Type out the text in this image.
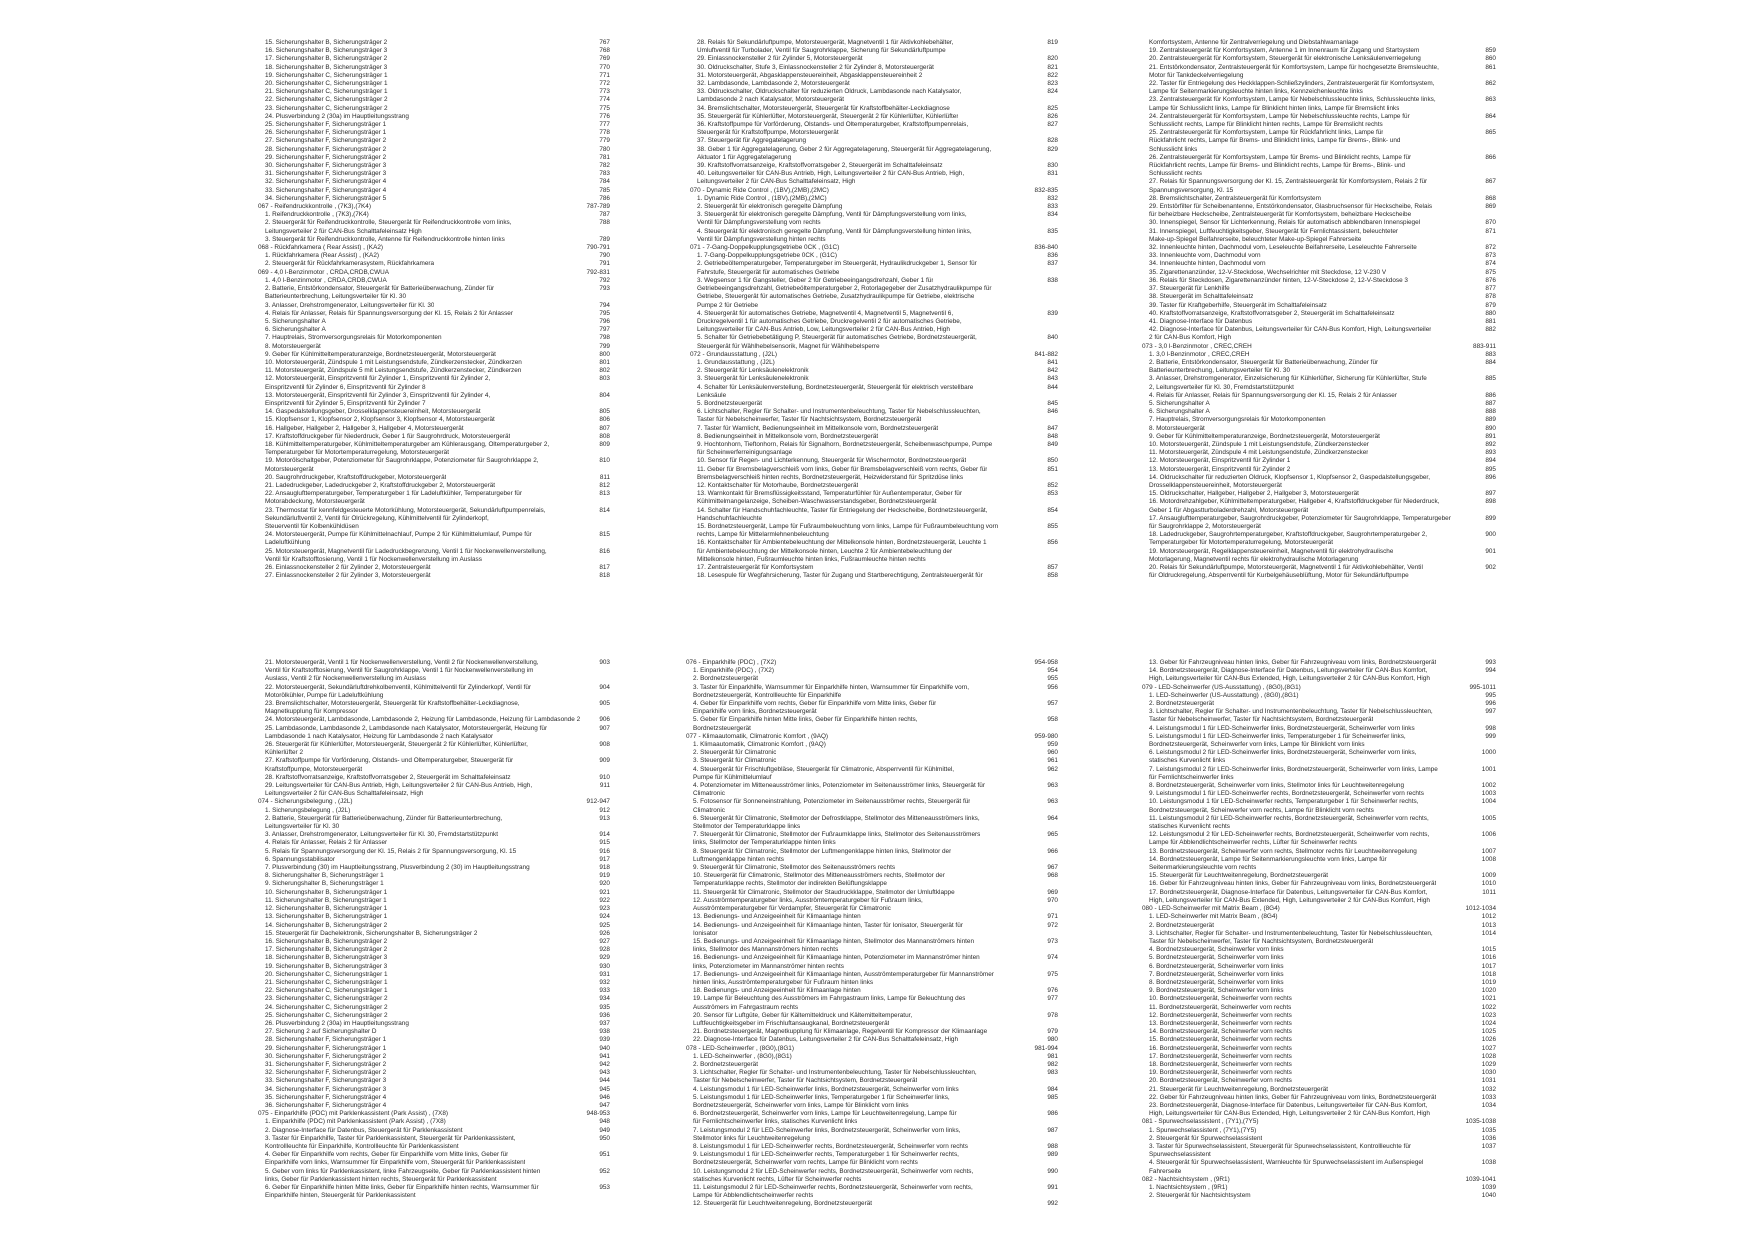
15. Sicherungshalter B, Sicherungsträger 2	767
16. Sicherungshalter B, Sicherungsträger 3	768
17. Sicherungshalter B, Sicherungsträger 2	769
18. Sicherungshalter B, Sicherungsträger 3	770
19. Sicherungshalter C, Sicherungsträger 1	771
20. Sicherungshalter C, Sicherungsträger 1	772
21. Sicherungshalter C, Sicherungsträger 1	773
22. Sicherungshalter C, Sicherungsträger 2	774
23. Sicherungshalter C, Sicherungsträger 2	775
24. Plusverbindung 2 (30a) im Hauptleitungsstrang	776
25. Sicherungshalter F, Sicherungsträger 1	777
26. Sicherungshalter F, Sicherungsträger 1	778
27. Sicherungshalter F, Sicherungsträger 2	779
28. Sicherungshalter F, Sicherungsträger 2	780
29. Sicherungshalter F, Sicherungsträger 2	781
30. Sicherungshalter F, Sicherungsträger 3	782
31. Sicherungshalter F, Sicherungsträger 3	783
32. Sicherungshalter F, Sicherungsträger 4	784
33. Sicherungshalter F, Sicherungsträger 4	785
34. Sicherungshalter F, Sicherungsträger 5	786
067 - Reifendruckkontrolle , (7K3),(7K4)	787-789
1. Reifendruckkontrolle , (7K3),(7K4)	787
2. Steuergerät für Reifendruckkontrolle, Steuergerät für Reifendruckkontrolle vorn links,	788
Leitungsverteiler 2 für CAN-Bus Schalttafeleinsatz High
3. Steuergerät für Reifendruckkontrolle, Antenne für Reifendruckkontrolle hinten links	789
068 - Rückfahrkamera ( Rear Assist) , (KA2)	790-791
1. Rückfahrkamera (Rear Assist) , (KA2)	790
2. Steuergerät für Rückfahrkamerasystem, Rückfahrkamera	791
069 - 4,0 l-Benzinmotor , CRDA,CRDB,CWUA	792-831
1. 4,0 l-Benzinmotor , CRDA,CRDB,CWUA	792
2. Batterie, Entstörkondensator, Steuergerät für Batterieüberwachung, Zünder für	793
Batterieunterbrechung, Leitungsverteiler für Kl. 30
3. Anlasser, Drehstromgenerator, Leitungsverteiler für Kl. 30	794
4. Relais für Anlasser, Relais für Spannungsversorgung der Kl. 15, Relais 2 für Anlasser	795
5. Sicherungshalter A	796
6. Sicherungshalter A	797
7. Hauptrelais, Stromversorgungsrelais für Motorkomponenten	798
8. Motorsteuergerät	799
9. Geber für Kühlmitteltemperaturanzeige, Bordnetzsteuergerät, Motorsteuergerät	800
10. Motorsteuergerät, Zündspule 1 mit Leistungsendstufe, Zündkerzenstecker, Zündkerzen	801
11. Motorsteuergerät, Zündspule 5 mit Leistungsendstufe, Zündkerzenstecker, Zündkerzen	802
12. Motorsteuergerät, Einspritzventil für Zylinder 1, Einspritzventil für Zylinder 2,	803
Einspritzventil für Zylinder 6, Einspritzventil für Zylinder 8
13. Motorsteuergerät, Einspritzventil für Zylinder 3, Einspritzventil für Zylinder 4,	804
Einspritzventil für Zylinder 5, Einspritzventil für Zylinder 7
14. Gaspedalstellungsgeber, Drosselklappensteuereinheit, Motorsteuergerät	805
15. Klopfsensor 1, Klopfsensor 2, Klopfsensor 3, Klopfsensor 4, Motorsteuergerät	806
16. Hallgeber, Hallgeber 2, Hallgeber 3, Hallgeber 4, Motorsteuergerät	807
17. Kraftstoffdruckgeber für Niederdruck, Geber 1 für Saugrohrdruck, Motorsteuergerät	808
18. Kühlmitteltemperaturgeber, Kühlmitteltemperaturgeber am Kühlerausgang, Öltemperaturgeber 2,	809
Temperaturgeber für Motortemperaturregelung, Motorsteuergerät
19. Motorölschaltgeber, Potenziometer für Saugrohrklappe, Potenziometer für Saugrohrklappe 2,	810
Motorsteuergerät
20. Saugrohrdruckgeber, Kraftstoffdruckgeber, Motorsteuergerät	811
21. Ladedruckgeber, Ladedruckgeber 2, Kraftstoffdruckgeber 2, Motorsteuergerät	812
22. Ansauglufttemperaturgeber, Temperaturgeber 1 für Ladeluftkühler, Temperaturgeber für	813
Motorabdeckung, Motorsteuergerät
23. Thermostat für kennfeldgesteuerte Motorkühlung, Motorsteuergerät, Sekundärluftpumpenrelais,	814
Sekundärluftventil 2, Ventil für Ölrückregelung, Kühlmittelventil für Zylinderkopf,
Steuerventil für Kolbenkühldüsen
24. Motorsteuergerät, Pumpe für Kühlmittelnachlauf, Pumpe 2 für Kühlmittelumlauf, Pumpe für	815
Ladeluftkühlung
25. Motorsteuergerät, Magnetventil für Ladedruckbegrenzung, Ventil 1 für Nockenwellenverstellung,	816
Ventil für Kraftstofftosierung, Ventil 1 für Nockenwellenverstellung im Auslass
26. Einlassnockensteller 2 für Zylinder 2, Motorsteuergerät	817
27. Einlassnockensteller 2 für Zylinder 3, Motorsteuergerät	818
28. Relais für Sekundärluftpumpe, Motorsteuergerät, Magnetventil 1 für Aktivkohlebehälter,	819
Umluftventil für Turbolader, Ventil für Saugrohrklappe, Sicherung für Sekundärluftpumpe
29. Einlassnockensteller 2 für Zylinder 5, Motorsteuergerät	820
30. Öldruckschalter, Stufe 3, Einlassnockensteller 2 für Zylinder 8, Motorsteuergerät	821
31. Motorsteuergerät, Abgasklappensteuereinheit, Abgasklappensteuereinheit 2	822
32. Lambdasonde, Lambdasonde 2, Motorsteuergerät	823
33. Öldruckschalter, Öldruckschalter für reduzierten Öldruck, Lambdasonde nach Katalysator,	824
Lambdasonde 2 nach Katalysator, Motorsteuergerät
34. Bremslichtschalter, Motorsteuergerät, Steuergerät für Kraftstoffbehälter-Leckdiagnose	825
35. Steuergerät für Kühlerlüfter, Motorsteuergerät, Steuergerät 2 für Kühlerlüfter, Kühlerlüfter	826
36. Kraftstoffpumpe für Vorförderung, Ölstands- und Öltemperaturgeber, Kraftstoffpumpenrelais,	827
Steuergerät für Kraftstoffpumpe, Motorsteuergerät
37. Steuergerät für Aggregatelagerung	828
38. Geber 1 für Aggregatelagerung, Geber 2 für Aggregatelagerung, Steuergerät für Aggregatelagerung,	829
Aktuator 1 für Aggregatelagerung
39. Kraftstoffvorratsanzeige, Kraftstoffvorratsgeber 2, Steuergerät im Schalttafeleinsatz	830
40. Leitungsverteiler für CAN-Bus Antrieb, High, Leitungsverteiler 2 für CAN-Bus Antrieb, High,	831
Leitungsverteiler 2 für CAN-Bus Schalttafeleinsatz, High
070 - Dynamic Ride Control , (1BV),(2MB),(2MC)	832-835
1. Dynamic Ride Control , (1BV),(2MB),(2MC)	832
2. Steuergerät für elektronisch geregelte Dämpfung	833
3. Steuergerät für elektronisch geregelte Dämpfung, Ventil für Dämpfungsverstellung vorn links,	834
Ventil für Dämpfungsverstellung vorn rechts
4. Steuergerät für elektronisch geregelte Dämpfung, Ventil für Dämpfungsverstellung hinten links,	835
Ventil für Dämpfungsverstellung hinten rechts
071 - 7-Gang-Doppelkupplungsgetriebe 0CK , (G1C)	836-840
1. 7-Gang-Doppelkupplungsgetriebe 0CK , (G1C)	836
2. Getriebeöltemperaturgeber, Temperaturgeber im Steuergerät, Hydraulikdruckgeber 1, Sensor für	837
Fahrstufe, Steuergerät für automatisches Getriebe
3. Wegsensor 1 für Gangsteller, Geber 2 für Getriebeeingangsdrehzahl, Geber 1 für	838
Getriebeeingangsdrehzahl, Getriebeöltemperaturgeber 2, Rotorlagegeber der Zusatzhydraulikpumpe für
Getriebe, Steuergerät für automatisches Getriebe, Zusatzhydraulikpumpe für Getriebe, elektrische
Pumpe 2 für Getriebe
4. Steuergerät für automatisches Getriebe, Magnetventil 4, Magnetventil 5, Magnetventil 6,	839
Druckregelventil 1 für automatisches Getriebe, Druckregelventil 2 für automatisches Getriebe,
Leitungsverteiler für CAN-Bus Antrieb, Low, Leitungsverteiler 2 für CAN-Bus Antrieb, High
5. Schalter für Getriebebetätigung P, Steuergerät für automatisches Getriebe, Bordnetzsteuergerät,	840
Steuergerät für Wählhebelsensorik, Magnet für Wählhebelsperre
072 - Grundausstattung , (J2L)	841-882
1. Grundausstattung , (J2L)	841
2. Steuergerät für Lenksäulenelektronik	842
3. Steuergerät für Lenksäulenelektronik	843
4. Schalter für Lenksäulenverstellung, Bordnetzsteuergerät, Steuergerät für elektrisch verstellbare	844
Lenksäule
5. Bordnetzsteuergerät	845
6. Lichtschalter, Regler für Schalter- und Instrumentenbeleuchtung, Taster für Nebelschlussleuchten,	846
Taster für Nebelscheinwerfer, Taster für Nachtsichtsystem, Bordnetzsteuergerät
7. Taster für Warnlicht, Bedienungseinheit im Mittelkonsole vorn, Bordnetzsteuergerät	847
8. Bedienungseinheit in Mittelkonsole vorn, Bordnetzsteuergerät	848
9. Hochtonhorn, Tieftonhorn, Relais für Signalhorn, Bordnetzsteuergerät, Scheibenwaschpumpe, Pumpe	849
für Scheinwerferreinigungsanlage
10. Sensor für Regen- und Lichterkennung, Steuergerät für Wischermotor, Bordnetzsteuergerät	850
11. Geber für Bremsbelagverschleiß vorn links, Geber für Bremsbelagverschleiß vorn rechts, Geber für	851
Bremsbelagverschleiß hinten rechts, Bordnetzsteuergerät, Heizwiderstand für Spritzdüse links
12. Kontaktschalter für Motorhaube, Bordnetzsteuergerät	852
13. Warnkontakt für Bremsflüssigkeitsstand, Temperaturfühler für Außentemperatur, Geber für	853
Kühlmittelmangelanzeige, Scheiben-Waschwasserstandsgeber, Bordnetzsteuergerät
14. Schalter für Handschuhfachleuchte, Taster für Entriegelung der Heckscheibe, Bordnetzsteuergerät,	854
Handschuhfachleuchte
15. Bordnetzsteuergerät, Lampe für Fußraumbeleuchtung vorn links, Lampe für Fußraumbeleuchtung vorn	855
rechts, Lampe für Mittelarmlehnenbeleuchtung
16. Kontaktschalter für Ambientebeleuchtung der Mittelkonsole hinten, Bordnetzsteuergerät, Leuchte 1	856
für Ambientebeleuchtung der Mittelkonsole hinten, Leuchte 2 für Ambientebeleuchtung der
Mittelkonsole hinten, Fußraumleuchte hinten links, Fußraumleuchte hinten rechts
17. Zentralsteuergerät für Komfortsystem	857
18. Lesespule für Wegfahrsicherung, Taster für Zugang und Startberechtigung, Zentralsteuergerät für	858
Komfortsystem, Antenne für Zentralverriegelung und Diebstahlwarnanlage
19. Zentralsteuergerät für Komfortsystem, Antenne 1 im Innenraum für Zugang und Startsystem	859
20. Zentralsteuergerät für Komfortsystem, Steuergerät für elektronische Lenksäulenverriegelung	860
21. Entstörkondensator, Zentralsteuergerät für Komfortsystem, Lampe für hochgesetzte Bremsleuchte,	861
Motor für Tankdeckelverriegelung
22. Taster für Entriegelung des Heckklappen-Schließzylinders, Zentralsteuergerät für Komfortsystem,	862
Lampe für Seitenmarkierungsleuchte hinten links, Kennzeichenleuchte links
23. Zentralsteuergerät für Komfortsystem, Lampe für Nebelschlussleuchte links, Schlussleuchte links,	863
Lampe für Schlusslicht links, Lampe für Blinklicht hinten links, Lampe für Bremslicht links
24. Zentralsteuergerät für Komfortsystem, Lampe für Nebelschlussleuchte rechts, Lampe für	864
Schlusslicht rechts, Lampe für Blinklicht hinten rechts, Lampe für Bremslicht rechts
25. Zentralsteuergerät für Komfortsystem, Lampe für Rückfahrlicht links, Lampe für	865
Rückfahrlicht rechts, Lampe für Brems- und Blinklicht links, Lampe für Brems-, Blink- und
Schlusslicht links
26. Zentralsteuergerät für Komfortsystem, Lampe für Brems- und Blinklicht rechts, Lampe für	866
Rückfahrlicht rechts, Lampe für Brems- und Blinklicht rechts, Lampe für Brems-, Blink- und
Schlusslicht rechts
27. Relais für Spannungsversorgung der Kl. 15, Zentralsteuergerät für Komfortsystem, Relais 2 für	867
Spannungsversorgung, Kl. 15
28. Bremslichtschalter, Zentralsteuergerät für Komfortsystem	868
29. Entstörfilter für Scheibenantenne, Entstörkondensator, Glasbruchsensor für Heckscheibe, Relais	869
für beheizbare Heckscheibe, Zentralsteuergerät für Komfortsystem, beheizbare Heckscheibe
30. Innenspiegel, Sensor für Lichterkennung, Relais für automatisch abblendbaren Innenspiegel	870
31. Innenspiegel, Luftfeuchtigkeitsgeber, Steuergerät für Fernlichtassistent, beleuchteter	871
Make-up-Spiegel Beifahrerseite, beleuchteter Make-up-Spiegel Fahrerseite
32. Innenleuchte hinten, Dachmodul vorn, Leseleuchte Beifahrerseite, Leseleuchte Fahrerseite	872
33. Innenleuchte vorn, Dachmodul vorn	873
34. Innenleuchte hinten, Dachmodul vorn	874
35. Zigarettenanzünder, 12-V-Steckdose, Wechselrichter mit Steckdose, 12 V-230 V	875
36. Relais für Steckdosen, Zigarettenanzünder hinten, 12-V-Steckdose 2, 12-V-Steckdose 3	876
37. Steuergerät für Lenkhilfe	877
38. Steuergerät im Schalttafeleinsatz	878
39. Taster für Kraftgeberhilfe, Steuergerät im Schalttafeleinsatz	879
40. Kraftstoffvorratsanzeige, Kraftstoffvorratsgeber 2, Steuergerät im Schalttafeleinsatz	880
41. Diagnose-Interface für Datenbus	881
42. Diagnose-Interface für Datenbus, Leitungsverteiler für CAN-Bus Komfort, High, Leitungsverteiler	882
2 für CAN-Bus Komfort, High
073 - 3,0 l-Benzinmotor , CREC,CREH	883-911
1. 3,0 l-Benzinmotor , CREC,CREH	883
2. Batterie, Entstörkondensator, Steuergerät für Batterieüberwachung, Zünder für	884
Batterieunterbrechung, Leitungsverteiler für Kl. 30
3. Anlasser, Drehstromgenerator, Einzelsicherung für Kühlerlüfter, Sicherung für Kühlerlüfter, Stufe	885
2, Leitungsverteiler für Kl. 30, Fremdstartstützpunkt
4. Relais für Anlasser, Relais für Spannungsversorgung der Kl. 15, Relais 2 für Anlasser	886
5. Sicherungshalter A	887
6. Sicherungshalter A	888
7. Hauptrelais, Stromversorgungsrelais für Motorkomponenten	889
8. Motorsteuergerät	890
9. Geber für Kühlmitteltemperaturanzeige, Bordnetzsteuergerät, Motorsteuergerät	891
10. Motorsteuergerät, Zündspule 1 mit Leistungsendstufe, Zündkerzenstecker	892
11. Motorsteuergerät, Zündspule 4 mit Leistungsendstufe, Zündkerzenstecker	893
12. Motorsteuergerät, Einspritzventil für Zylinder 1	894
13. Motorsteuergerät, Einspritzventil für Zylinder 2	895
14. Öldruckschalter für reduzierten Öldruck, Klopfsensor 1, Klopfsensor 2, Gaspedalstellungsgeber,	896
Drosselklappensteuereinheit, Motorsteuergerät
15. Öldruckschalter, Hallgeber, Hallgeber 2, Hallgeber 3, Motorsteuergerät	897
16. Motordrehzahlgeber, Kühlmitteltemperaturgeber, Hallgeber 4, Kraftstoffdruckgeber für Niederdruck,	898
Geber 1 für Abgastturboladerdrehzahl, Motorsteuergerät
17. Ansauglufttemperaturgeber, Saugrohrdruckgeber, Potenziometer für Saugrohrklappe, Temperaturgeber	899
für Saugrohrklappe 2, Motorsteuergerät
18. Ladedruckgeber, Saugrohrtemperaturgeber, Kraftstoffdruckgeber, Saugrohrtemperaturgeber 2,	900
Temperaturgeber für Motortemperaturregelung, Motorsteuergerät
19. Motorsteuergerät, Regelklappensteuereinheit, Magnetventil für elektrohydraulische	901
Motorlagerung, Magnetventil rechts für elektrohydraulische Motorlagerung
20. Relais für Sekundärluftpumpe, Motorsteuergerät, Magnetventil 1 für Aktivkohlebehälter, Ventil	902
für Öldruckregelung, Absperrventil für Kurbelgehäuseblüftung, Motor für Sekundärluftpumpe
21. Motorsteuergerät, Ventil 1 für Nockenwellenverstellung, Ventil 2 für Nockenwellenverstellung,	903
Ventil für Kraftstofftosierung, Ventil für Saugrohrklappe, Ventil 1 für Nockenwellenverstellung im
Auslass, Ventil 2 für Nockenwellenverstellung im Auslass
22. Motorsteuergerät, Sekundärluftdrehkolbenventil, Kühlmittelventil für Zylinderkopf, Ventil für	904
Motorölkühler, Pumpe für Ladeluftkühlung
23. Bremslichtschalter, Motorsteuergerät, Steuergerät für Kraftstoffbehälter-Leckdiagnose,	905
Magnetkupplung für Kompressor
24. Motorsteuergerät, Lambdasonde, Lambdasonde 2, Heizung für Lambdasonde, Heizung für Lambdasonde 2	906
25. Lambdasonde, Lambdasonde 2, Lambdasonde nach Katalysator, Motorsteuergerät, Heizung für	907
Lambdasonde 1 nach Katalysator, Heizung für Lambdasonde 2 nach Katalysator
26. Steuergerät für Kühlerlüfter, Motorsteuergerät, Steuergerät 2 für Kühlerlüfter, Kühlerlüfter,	908
Kühlerlüfter 2
27. Kraftstoffpumpe für Vorförderung, Ölstands- und Öltemperaturgeber, Steuergerät für	909
Kraftstoffpumpe, Motorsteuergerät
28. Kraftstoffvorratsanzeige, Kraftstoffvorratsgeber 2, Steuergerät im Schalttafeleinsatz	910
29. Leitungsverteiler für CAN-Bus Antrieb, High, Leitungsverteiler 2 für CAN-Bus Antrieb, High,	911
Leitungsverteiler 2 für CAN-Bus Schalttafeleinsatz, High
074 - Sicherungsbelegung , (J2L)	912-947
1. Sicherungsbelegung , (J2L)	912
2. Batterie, Steuergerät für Batterieüberwachung, Zünder für Batterieunterbrechung,	913
Leitungsverteiler für Kl. 30
3. Anlasser, Drehstromgenerator, Leitungsverteiler für Kl. 30, Fremdstartstützpunkt	914
4. Relais für Anlasser, Relais 2 für Anlasser	915
5. Relais für Spannungsversorgung der Kl. 15, Relais 2 für Spannungsversorgung, Kl. 15	916
6. Spannungsstabilisator	917
7. Plusverbindung (30) im Hauptleitungsstrang, Plusverbindung 2 (30) im Hauptleitungsstrang	918
8. Sicherungshalter B, Sicherungsträger 1	919
9. Sicherungshalter B, Sicherungsträger 1	920
10. Sicherungshalter B, Sicherungsträger 1	921
11. Sicherungshalter B, Sicherungsträger 1	922
12. Sicherungshalter B, Sicherungsträger 1	923
13. Sicherungshalter B, Sicherungsträger 1	924
14. Sicherungshalter B, Sicherungsträger 2	925
15. Steuergerät für Dachelektronik, Sicherungshalter B, Sicherungsträger 2	926
16. Sicherungshalter B, Sicherungsträger 2	927
17. Sicherungshalter B, Sicherungsträger 2	928
18. Sicherungshalter B, Sicherungsträger 3	929
19. Sicherungshalter B, Sicherungsträger 3	930
20. Sicherungshalter C, Sicherungsträger 1	931
21. Sicherungshalter C, Sicherungsträger 1	932
22. Sicherungshalter C, Sicherungsträger 1	933
23. Sicherungshalter C, Sicherungsträger 2	934
24. Sicherungshalter C, Sicherungsträger 2	935
25. Sicherungshalter C, Sicherungsträger 2	936
26. Plusverbindung 2 (30a) im Hauptleitungsstrang	937
27. Sicherung 2 auf Sicherungshalter D	938
28. Sicherungshalter F, Sicherungsträger 1	939
29. Sicherungshalter F, Sicherungsträger 1	940
30. Sicherungshalter F, Sicherungsträger 2	941
31. Sicherungshalter F, Sicherungsträger 2	942
32. Sicherungshalter F, Sicherungsträger 2	943
33. Sicherungshalter F, Sicherungsträger 3	944
34. Sicherungshalter F, Sicherungsträger 3	945
35. Sicherungshalter F, Sicherungsträger 4	946
36. Sicherungshalter F, Sicherungsträger 4	947
075 - Einparkhilfe (PDC) mit Parklenkassistent (Park Assist) , (7X8)	948-953
1. Einparkhilfe (PDC) mit Parklenkassistent (Park Assist) , (7X8)	948
2. Diagnose-Interface für Datenbus, Steuergerät für Parklenkassistent	949
3. Taster für Einparkhilfe, Taster für Parklenkassistent, Steuergerät für Parklenkassistent,	950
Kontrollleuchte für Einparkhilfe, Kontrollleuchte für Parklenkassistent
4. Geber für Einparkhilfe vorn rechts, Geber für Einparkhilfe vorn Mitte links, Geber für	951
Einparkhilfe vorn links, Warnsummer für Einparkhilfe vorn, Steuergerät für Parklenkassistent
5. Geber vorn links für Parklenkassistent, linke Fahrzeugseite, Geber für Parklenkassistent hinten	952
links, Geber für Parklenkassistent hinten rechts, Steuergerät für Parklenkassistent
6. Geber für Einparkhilfe hinten Mitte links, Geber für Einparkhilfe hinten rechts, Warnsummer für	953
Einparkhilfe hinten, Steuergerät für Parklenkassistent
076 - Einparkhilfe (PDC) , (7X2)	954-958
1. Einparkhilfe (PDC) , (7X2)	954
2. Bordnetzsteuergerät	955
3. Taster für Einparkhilfe, Warnsummer für Einparkhilfe hinten, Warnsummer für Einparkhilfe vorn,	956
Bordnetzsteuergerät, Kontrollleuchte für Einparkhilfe
4. Geber für Einparkhilfe vorn rechts, Geber für Einparkhilfe vorn Mitte links, Geber für	957
Einparkhilfe vorn links, Bordnetzsteuergerät
5. Geber für Einparkhilfe hinten Mitte links, Geber für Einparkhilfe hinten rechts,	958
Bordnetzsteuergerät
077 - Klimaautomatik, Climatronic Komfort , (9AQ)	959-980
1. Klimaautomatik, Climatronic Komfort , (9AQ)	959
2. Steuergerät für Climatronic	960
3. Steuergerät für Climatronic	961
4. Steuergerät für Frischluftgebläse, Steuergerät für Climatronic, Absperrventil für Kühlmittel,	962
Pumpe für Kühlmittelumlauf
4. Potenziometer im Mitteneausströmer links, Potenziometer im Seitenausströmer links, Steuergerät für	963
Climatronic
5. Fotosensor für Sonneneinstrahlung, Potenziometer im Seitenausströmer rechts, Steuergerät für	963
Climatronic
6. Steuergerät für Climatronic, Stellmotor der Defrostklappe, Stellmotor des Mitteneausströmers links,	964
Stellmotor der Temperaturklappe links
7. Steuergerät für Climatronic, Stellmotor der Fußraumklappe links, Stellmotor des Seitenausströmers	965
links, Stellmotor der Temperaturklappe hinten links
8. Steuergerät für Climatronic, Stellmotor der Luftmengenklappe hinten links, Stellmotor der	966
Luftmengenklappe hinten rechts
9. Steuergerät für Climatronic, Stellmotor des Seitenausströmers rechts	967
10. Steuergerät für Climatronic, Stellmotor des Mitteneausströmers rechts, Stellmotor der	968
Temperaturklappe rechts, Stellmotor der indirekten Belüftungsklappe
11. Steuergerät für Climatronic, Stellmotor der Staudruckklappe, Stellmotor der Umluftklappe	969
12. Ausströmtemperaturgeber links, Ausströmtemperaturgeber für Fußraum links,	970
Ausströmtemperaturgeber für Verdampfer, Steuergerät für Climatronic
13. Bedienungs- und Anzeigeeinheit für Klimaanlage hinten	971
14. Bedienungs- und Anzeigeeinheit für Klimaanlage hinten, Taster für Ionisator, Steuergerät für	972
Ionisator
15. Bedienungs- und Anzeigeeinheit für Klimaanlage hinten, Stellmotor des Mannanströmers hinten	973
links, Stellmotor des Mannanströmers hinten rechts
16. Bedienungs- und Anzeigeeinheit für Klimaanlage hinten, Potenziometer im Mannanströmer hinten	974
links, Potenziometer im Mannanströmer hinten rechts
17. Bedienungs- und Anzeigeeinheit für Klimaanlage hinten, Ausströmtemperaturgeber für Mannanströmer	975
hinten links, Ausströmtemperaturgeber für Fußraum hinten links
18. Bedienungs- und Anzeigeeinheit für Klimaanlage hinten	976
19. Lampe für Beleuchtung des Ausströmers im Fahrgastraum links, Lampe für Beleuchtung des	977
Ausströmers im Fahrgastraum rechts
20. Sensor für Luftgüte, Geber für Kältemitteldruck und Kältemitteltemperatur,	978
Luftfeuchtigkeitsgeber im Frischluftansaugkanal, Bordnetzsteuergerät
21. Bordnetzsteuergerät, Magnetkupplung für Klimaanlage, Regelventil für Kompressor der Klimaanlage	979
22. Diagnose-Interface für Datenbus, Leitungsverteiler 2 für CAN-Bus Schalttafeleinsatz, High	980
078 - LED-Scheinwerfer , (8G0),(8G1)	981-994
1. LED-Scheinwerfer , (8G0),(8G1)	981
2. Bordnetzsteuergerät	982
3. Lichtschalter, Regler für Schalter- und Instrumentenbeleuchtung, Taster für Nebelschlussleuchten,	983
Taster für Nebelscheinwerfer, Taster für Nachtsichtsystem, Bordnetzsteuergerät
4. Leistungsmodul 1 für LED-Scheinwerfer links, Bordnetzsteuergerät, Scheinwerfer vorn links	984
5. Leistungsmodul 1 für LED-Scheinwerfer links, Temperaturgeber 1 für Scheinwerfer links,	985
Bordnetzsteuergerät, Scheinwerfer vorn links, Lampe für Blinklicht vorn links
6. Bordnetzsteuergerät, Scheinwerfer vorn links, Lampe für Leuchtweitenregelung, Lampe für	986
für Fernlichtscheinwerfer links, statisches Kurvenlicht links
7. Leistungsmodul 2 für LED-Scheinwerfer links, Bordnetzsteuergerät, Scheinwerfer vorn links,	987
Stellmotor links für Leuchtweitenregelung
8. Leistungsmodul 1 für LED-Scheinwerfer rechts, Bordnetzsteuergerät, Scheinwerfer vorn rechts	988
9. Leistungsmodul 1 für LED-Scheinwerfer rechts, Temperaturgeber 1 für Scheinwerfer rechts,	989
Bordnetzsteuergerät, Scheinwerfer vorn rechts, Lampe für Blinklicht vorn rechts
10. Leistungsmodul 2 für LED-Scheinwerfer rechts, Bordnetzsteuergerät, Scheinwerfer vorn rechts,	990
statisches Kurvenlicht rechts, Lüfter für Scheinwerfer rechts
11. Leistungsmodul 2 für LED-Scheinwerfer rechts, Bordnetzsteuergerät, Scheinwerfer vorn rechts,	991
Lampe für Abblendlichtscheinwerfer rechts
12. Steuergerät für Leuchtweitenregelung, Bordnetzsteuergerät	992
13. Geber für Fahrzeugniveau hinten links, Geber für Fahrzeugniveau vorn links, Bordnetzsteuergerät	993
14. Bordnetzsteuergerät, Diagnose-Interface für Datenbus, Leitungsverteiler für CAN-Bus Komfort,	994
High, Leitungsverteiler für CAN-Bus Extended, High, Leitungsverteiler 2 für CAN-Bus Komfort, High
079 - LED-Scheinwerfer (US-Ausstattung) , (8G0),(8G1)	995-1011
1. LED-Scheinwerfer (US-Ausstattung) , (8G0),(8G1)	995
2. Bordnetzsteuergerät	996
3. Lichtschalter, Regler für Schalter- und Instrumentenbeleuchtung, Taster für Nebelschlussleuchten,	997
Taster für Nebelscheinwerfer, Taster für Nachtsichtsystem, Bordnetzsteuergerät
4. Leistungsmodul 1 für LED-Scheinwerfer links, Bordnetzsteuergerät, Scheinwerfer vorn links	998
5. Leistungsmodul 1 für LED-Scheinwerfer links, Temperaturgeber 1 für Scheinwerfer links,	999
Bordnetzsteuergerät, Scheinwerfer vorn links, Lampe für Blinklicht vorn links
6. Leistungsmodul 2 für LED-Scheinwerfer links, Bordnetzsteuergerät, Scheinwerfer vorn links,	1000
statisches Kurvenlicht links
7. Leistungsmodul 2 für LED-Scheinwerfer links, Bordnetzsteuergerät, Scheinwerfer vorn links, Lampe	1001
für Fernlichtscheinwerfer links
8. Bordnetzsteuergerät, Scheinwerfer vorn links, Stellmotor links für Leuchtweitenregelung	1002
9. Leistungsmodul 1 für LED-Scheinwerfer rechts, Bordnetzsteuergerät, Scheinwerfer vorn rechts	1003
10. Leistungsmodul 1 für LED-Scheinwerfer rechts, Temperaturgeber 1 für Scheinwerfer rechts,	1004
Bordnetzsteuergerät, Scheinwerfer vorn rechts, Lampe für Blinklicht vorn rechts
11. Leistungsmodul 2 für LED-Scheinwerfer rechts, Bordnetzsteuergerät, Scheinwerfer vorn rechts,	1005
statisches Kurvenlicht rechts
12. Leistungsmodul 2 für LED-Scheinwerfer rechts, Bordnetzsteuergerät, Scheinwerfer vorn rechts,	1006
Lampe für Abblendlichtscheinwerfer rechts, Lüfter für Scheinwerfer rechts
13. Bordnetzsteuergerät, Scheinwerfer vorn rechts, Stellmotor rechts für Leuchtweitenregelung	1007
14. Bordnetzsteuergerät, Lampe für Seitenmarkierungsleuchte vorn links, Lampe für	1008
Seitenmarkierungsleuchte vorn rechts
15. Steuergerät für Leuchtweitenregelung, Bordnetzsteuergerät	1009
16. Geber für Fahrzeugniveau hinten links, Geber für Fahrzeugniveau vorn links, Bordnetzsteuergerät	1010
17. Bordnetzsteuergerät, Diagnose-Interface für Datenbus, Leitungsverteiler für CAN-Bus Komfort,	1011
High, Leitungsverteiler für CAN-Bus Extended, High, Leitungsverteiler 2 für CAN-Bus Komfort, High
080 - LED-Scheinwerfer mit Matrix Beam , (8G4)	1012-1034
1. LED-Scheinwerfer mit Matrix Beam , (8G4)	1012
2. Bordnetzsteuergerät	1013
3. Lichtschalter, Regler für Schalter- und Instrumentenbeleuchtung, Taster für Nebelschlussleuchten,	1014
Taster für Nebelscheinwerfer, Taster für Nachtsichtsystem, Bordnetzsteuergerät
4. Bordnetzsteuergerät, Scheinwerfer vorn links	1015
5. Bordnetzsteuergerät, Scheinwerfer vorn links	1016
6. Bordnetzsteuergerät, Scheinwerfer vorn links	1017
7. Bordnetzsteuergerät, Scheinwerfer vorn links	1018
8. Bordnetzsteuergerät, Scheinwerfer vorn links	1019
9. Bordnetzsteuergerät, Scheinwerfer vorn links	1020
10. Bordnetzsteuergerät, Scheinwerfer vorn rechts	1021
11. Bordnetzsteuergerät, Scheinwerfer vorn rechts	1022
12. Bordnetzsteuergerät, Scheinwerfer vorn rechts	1023
13. Bordnetzsteuergerät, Scheinwerfer vorn rechts	1024
14. Bordnetzsteuergerät, Scheinwerfer vorn rechts	1025
15. Bordnetzsteuergerät, Scheinwerfer vorn rechts	1026
16. Bordnetzsteuergerät, Scheinwerfer vorn rechts	1027
17. Bordnetzsteuergerät, Scheinwerfer vorn rechts	1028
18. Bordnetzsteuergerät, Scheinwerfer vorn rechts	1029
19. Bordnetzsteuergerät, Scheinwerfer vorn rechts	1030
20. Bordnetzsteuergerät, Scheinwerfer vorn rechts	1031
21. Steuergerät für Leuchtweitenregelung, Bordnetzsteuergerät	1032
22. Geber für Fahrzeugniveau hinten links, Geber für Fahrzeugniveau vorn links, Bordnetzsteuergerät	1033
23. Bordnetzsteuergerät, Diagnose-Interface für Datenbus, Leitungsverteiler für CAN-Bus Komfort,	1034
High, Leitungsverteiler für CAN-Bus Extended, High, Leitungsverteiler 2 für CAN-Bus Komfort, High
081 - Spurwechselassistent , (7Y1),(7Y5)	1035-1038
1. Spurwechselassistent , (7Y1),(7Y5)	1035
2. Steuergerät für Spurwechselassistent	1036
3. Taster für Spurwechselassistent, Steuergerät für Spurwechselassistent, Kontrollleuchte für	1037
Spurwechselassistent
4. Steuergerät für Spurwechselassistent, Warnleuchte für Spurwechselassistent im Außenspiegel	1038
Fahrerseite
082 - Nachtsichtsystem , (9R1)	1039-1041
1. Nachtsichtsystem , (9R1)	1039
2. Steuergerät für Nachtsichtsystem	1040
